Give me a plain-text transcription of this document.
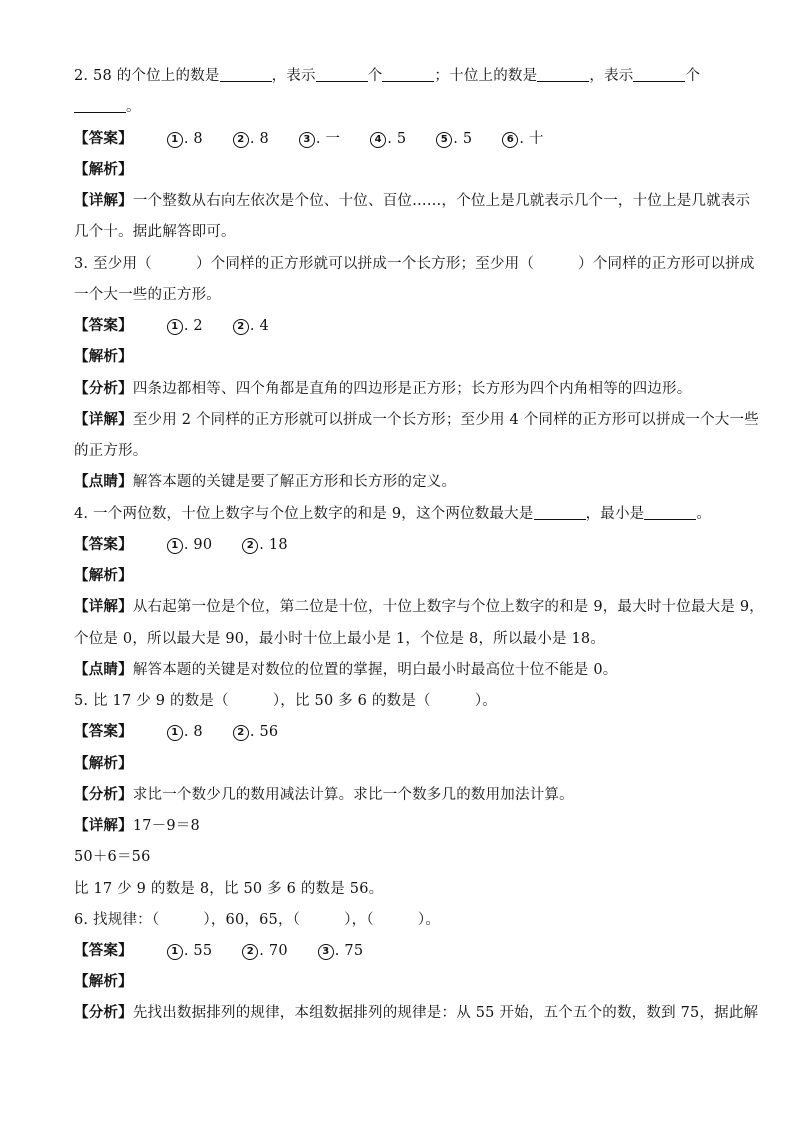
2. 58 的个位上的数是	，表示	个	；十位上的数是	，表示	个
。
【答案】	1 . 8	2 . 8	3 . 一	4 . 5	5 . 5	6 . 十
【解析】
【详解】一个整数从右向左依次是个位、十位、百位……，个位上是几就表示几个一，十位上是几就表示
几个十。据此解答即可。
3. 至少用（　　　）个同样的正方形就可以拼成一个长方形；至少用（　　　）个同样的正方形可以拼成
一个大一些的正方形。
【答案】	1 . 2	2 . 4
【解析】
【分析】四条边都相等、四个角都是直角的四边形是正方形；长方形为四个内角相等的四边形。
【详解】至少用 2 个同样的正方形就可以拼成一个长方形；至少用 4 个同样的正方形可以拼成一个大一些
的正方形。
【点睛】解答本题的关键是要了解正方形和长方形的定义。
4. 一个两位数，十位上数字与个位上数字的和是 9，这个两位数最大是	，最小是	。
【答案】	1 . 90	2 . 18
【解析】
【详解】从右起第一位是个位，第二位是十位，十位上数字与个位上数字的和是 9，最大时十位最大是 9，
个位是 0，所以最大是 90，最小时十位上最小是 1，个位是 8，所以最小是 18。
【点睛】解答本题的关键是对数位的位置的掌握，明白最小时最高位十位不能是 0。
5. 比 17 少 9 的数是（　　　），比 50 多 6 的数是（　　　）。
【答案】	1 . 8	2 . 56
【解析】
【分析】求比一个数少几的数用减法计算。求比一个数多几的数用加法计算。
【详解】17－9＝8
50＋6＝56
比 17 少 9 的数是 8，比 50 多 6 的数是 56。
6. 找规律：（　　　），60，65，（　　　），（　　　）。
【答案】	1 . 55	2 . 70	3 . 75
【解析】
【分析】先找出数据排列的规律，本组数据排列的规律是：从 55 开始，五个五个的数，数到 75，据此解
